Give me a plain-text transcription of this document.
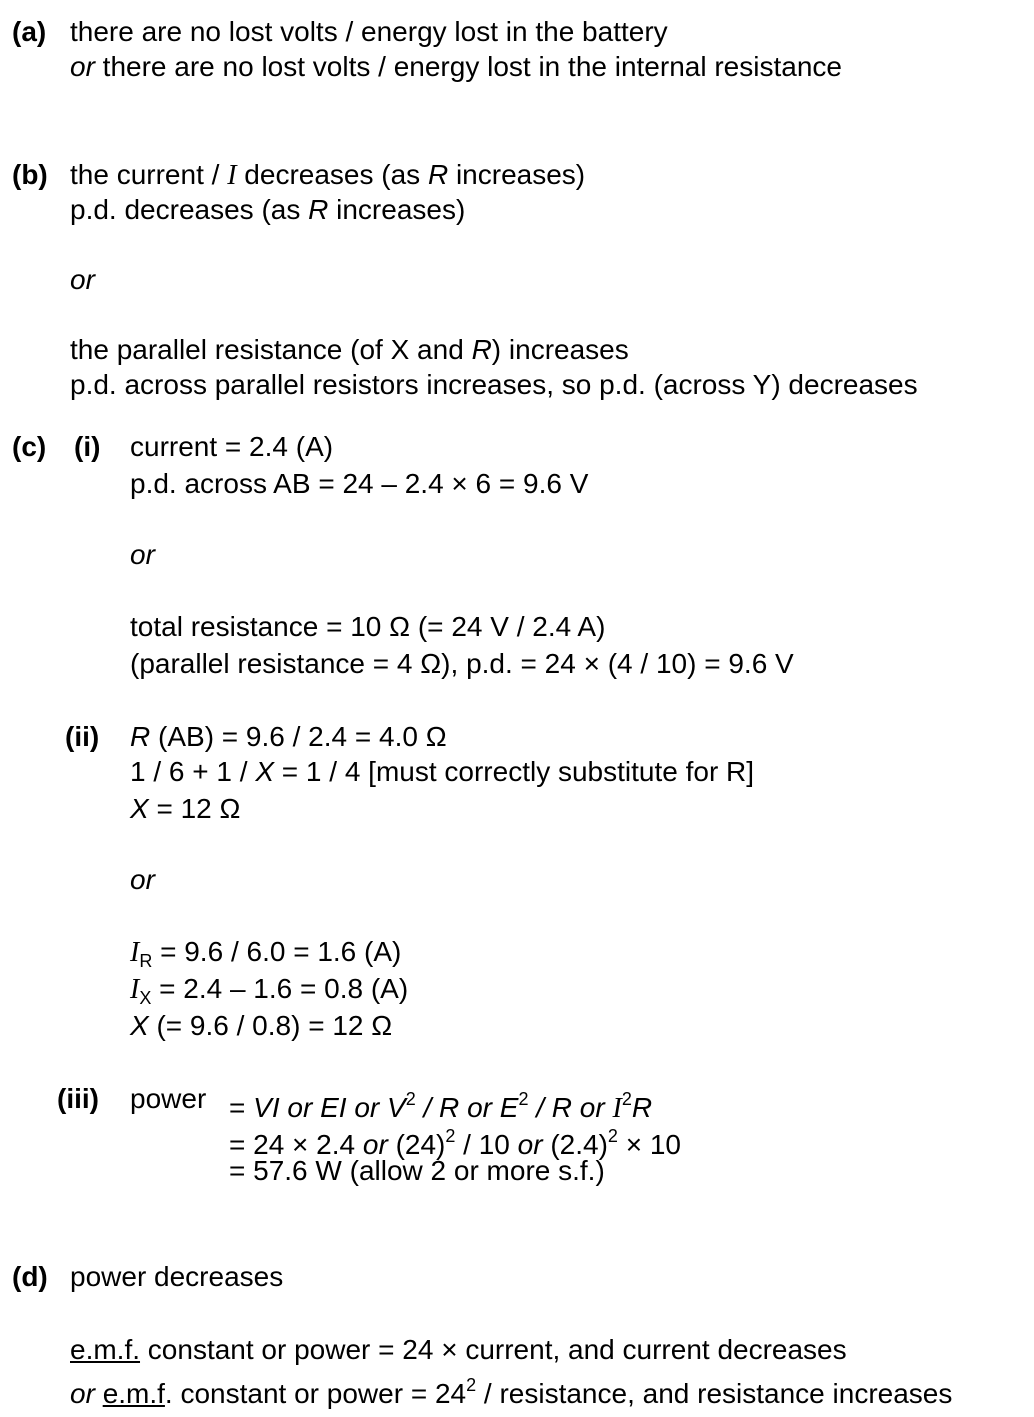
(a) there are no lost volts / energy lost in the battery
or there are no lost volts / energy lost in the internal resistance
(b) the current / I decreases (as R increases)
p.d. decreases (as R increases)
or
the parallel resistance (of X and R) increases
p.d. across parallel resistors increases, so p.d. (across Y) decreases
(c) (i) current = 2.4 (A)
p.d. across AB = 24 – 2.4 × 6 = 9.6 V
or
total resistance = 10 Ω (= 24 V / 2.4 A)
(parallel resistance = 4 Ω), p.d. = 24 × (4 / 10) = 9.6 V
(ii) R (AB) = 9.6 / 2.4 = 4.0 Ω
1 / 6 + 1 / X = 1 / 4 [must correctly substitute for R]
X = 12 Ω
or
$I_R = 9.6 / 6.0 = 1.6$ (A)
$I_X = 2.4 - 1.6 = 0.8$ (A)
X (= 9.6 / 0.8) = 12 Ω
(iii) power = VI or EI or $V^2$ / R or $E^2$ / R or $I^2R$
= 24 × 2.4 or $(24)^2 / 10$ or $(2.4)^2 \times 10$
= 57.6 W (allow 2 or more s.f.)
(d) power decreases
e.m.f. constant or power = 24 × current, and current decreases
or e.m.f. constant or power = $24^2$ / resistance, and resistance increases
